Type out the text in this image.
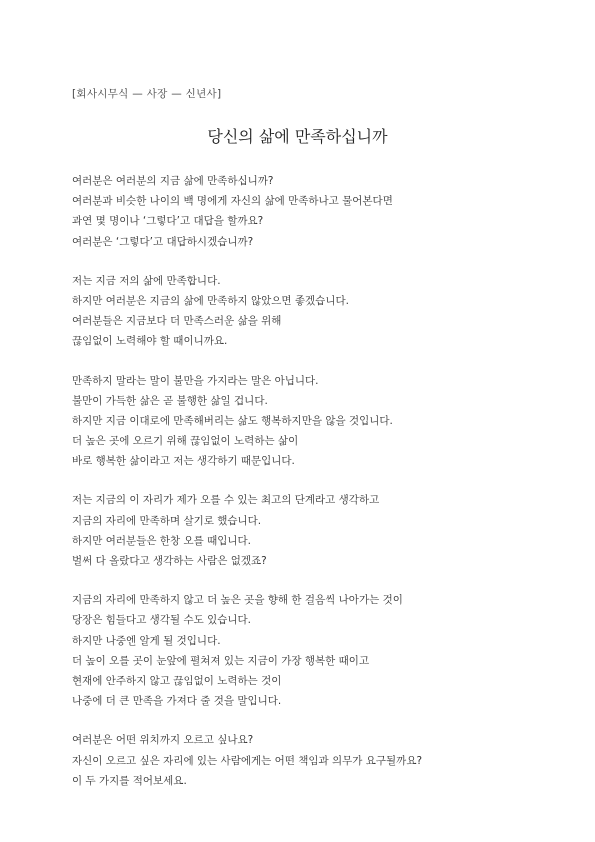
[회사시무식 — 사장 — 신년사]
당신의 삶에 만족하십니까
여러분은 여러분의 지금 삶에 만족하십니까?
여러분과 비슷한 나이의 백 명에게 자신의 삶에 만족하나고 물어본다면
과연 몇 명이나 ‘그렇다’고 대답을 할까요?
여러분은 ‘그렇다’고 대답하시겠습니까?
저는 지금 저의 삶에 만족합니다.
하지만 여러분은 지금의 삶에 만족하지 않았으면 좋겠습니다.
여러분들은 지금보다 더 만족스러운 삶을 위해
끊임없이 노력해야 할 때이니까요.
만족하지 말라는 말이 불만을 가지라는 말은 아닙니다.
불만이 가득한 삶은 곧 불행한 삶일 겁니다.
하지만 지금 이대로에 만족해버리는 삶도 행복하지만을 않을 것입니다.
더 높은 곳에 오르기 위해 끊임없이 노력하는 삶이
바로 행복한 삶이라고 저는 생각하기 때문입니다.
저는 지금의 이 자리가 제가 오를 수 있는 최고의 단계라고 생각하고
지금의 자리에 만족하며 살기로 했습니다.
하지만 여러분들은 한창 오를 때입니다.
벌써 다 올랐다고 생각하는 사람은 없겠죠?
지금의 자리에 만족하지 않고 더 높은 곳을 향해 한 걸음씩 나아가는 것이
당장은 힘들다고 생각될 수도 있습니다.
하지만 나중엔 알게 될 것입니다.
더 높이 오를 곳이 눈앞에 펼쳐져 있는 지금이 가장 행복한 때이고
현재에 안주하지 않고 끊임없이 노력하는 것이
나중에 더 큰 만족을 가져다 줄 것을 말입니다.
여러분은 어떤 위치까지 오르고 싶나요?
자신이 오르고 싶은 자리에 있는 사람에게는 어떤 책임과 의무가 요구될까요?
이 두 가지를 적어보세요.
